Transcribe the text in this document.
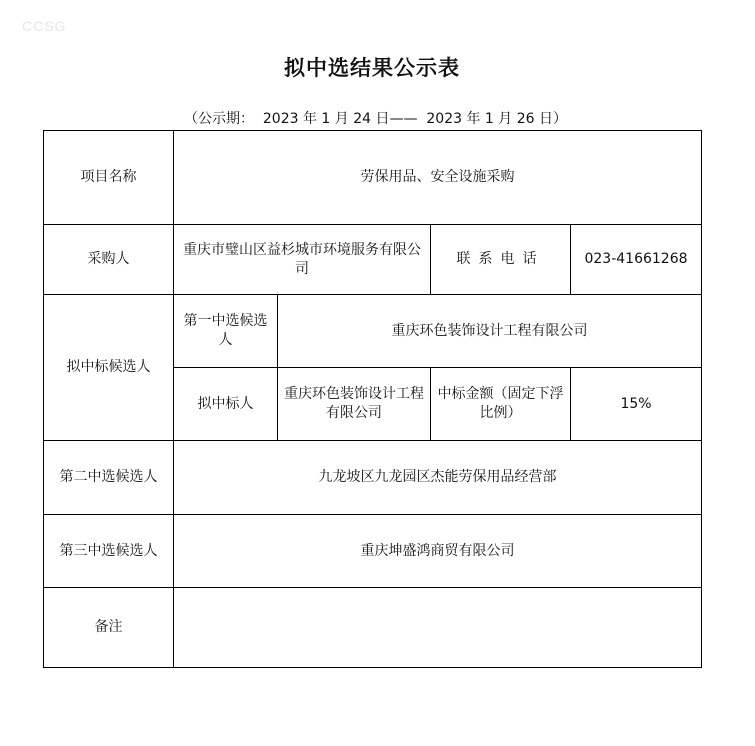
CCSG
拟中选结果公示表
（公示期：  2023 年 1 月 24 日——  2023 年 1 月 26 日）
项目名称	劳保用品、安全设施采购			
采购人	重庆市璧山区益杉城市环境服务有限公司		联系电话	023-41661268
拟中标候选人	第一中选候选人	重庆环色装饰设计工程有限公司		
	拟中标人	重庆环色装饰设计工程有限公司	中标金额（固定下浮比例）	15%
第二中选候选人	九龙坡区九龙园区杰能劳保用品经营部			
第三中选候选人	重庆坤盛鸿商贸有限公司			
备注				
